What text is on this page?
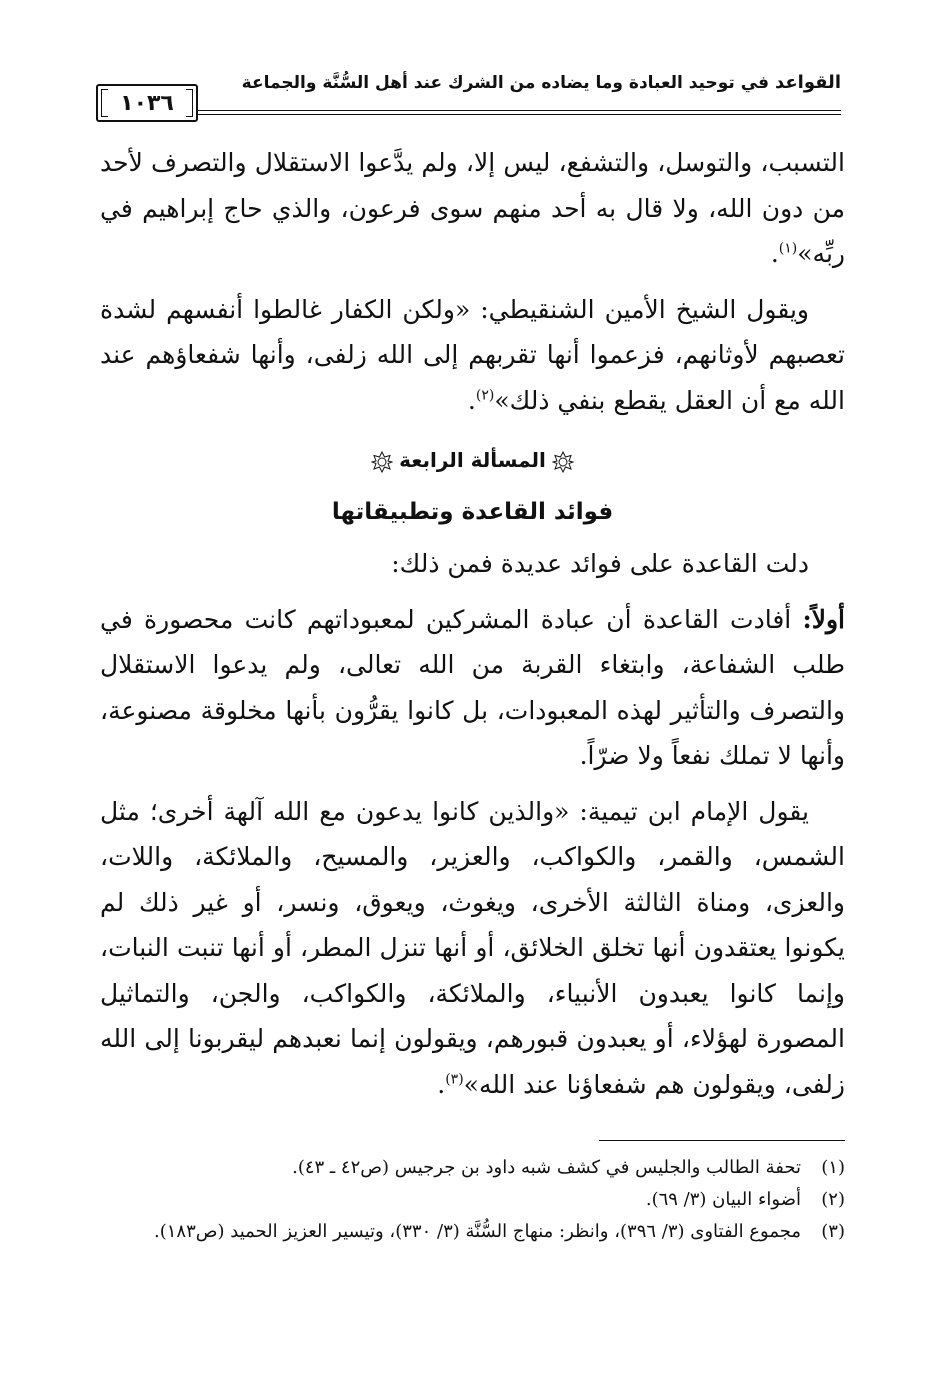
القواعد في توحيد العبادة وما يضاده من الشرك عند أهل السُّنَّة والجماعة
١٠٣٦

التسبب، والتوسل، والتشفع، ليس إلا، ولم يدَّعوا الاستقلال والتصرف لأحد من دون الله، ولا قال به أحد منهم سوى فرعون، والذي حاج إبراهيم في ربِّه»$^{(١)}$.

ويقول الشيخ الأمين الشنقيطي: «ولكن الكفار غالطوا أنفسهم لشدة تعصبهم لأوثانهم، فزعموا أنها تقربهم إلى الله زلفى، وأنها شفعاؤهم عند الله مع أن العقل يقطع بنفي ذلك»$^{(٢)}$.

المسألة الرابعة
فوائد القاعدة وتطبيقاتها

دلت القاعدة على فوائد عديدة فمن ذلك:

أولاً: أفادت القاعدة أن عبادة المشركين لمعبوداتهم كانت محصورة في طلب الشفاعة، وابتغاء القربة من الله تعالى، ولم يدعوا الاستقلال والتصرف والتأثير لهذه المعبودات، بل كانوا يقرُّون بأنها مخلوقة مصنوعة، وأنها لا تملك نفعاً ولا ضرّاً.

يقول الإمام ابن تيمية: «والذين كانوا يدعون مع الله آلهة أخرى؛ مثل الشمس، والقمر، والكواكب، والعزير، والمسيح، والملائكة، واللات، والعزى، ومناة الثالثة الأخرى، ويغوث، ويعوق، ونسر، أو غير ذلك لم يكونوا يعتقدون أنها تخلق الخلائق، أو أنها تنزل المطر، أو أنها تنبت النبات، وإنما كانوا يعبدون الأنبياء، والملائكة، والكواكب، والجن، والتماثيل المصورة لهؤلاء، أو يعبدون قبورهم، ويقولون إنما نعبدهم ليقربونا إلى الله زلفى، ويقولون هم شفعاؤنا عند الله»$^{(٣)}$.

(١)
تحفة الطالب والجليس في كشف شبه داود بن جرجيس (ص٤٢ ـ ٤٣).
(٢)
أضواء البيان (٣/ ٦٩).
(٣)
مجموع الفتاوى (٣/ ٣٩٦)، وانظر: منهاج السُّنَّة (٣/ ٣٣٠)، وتيسير العزيز الحميد (ص١٨٣).
